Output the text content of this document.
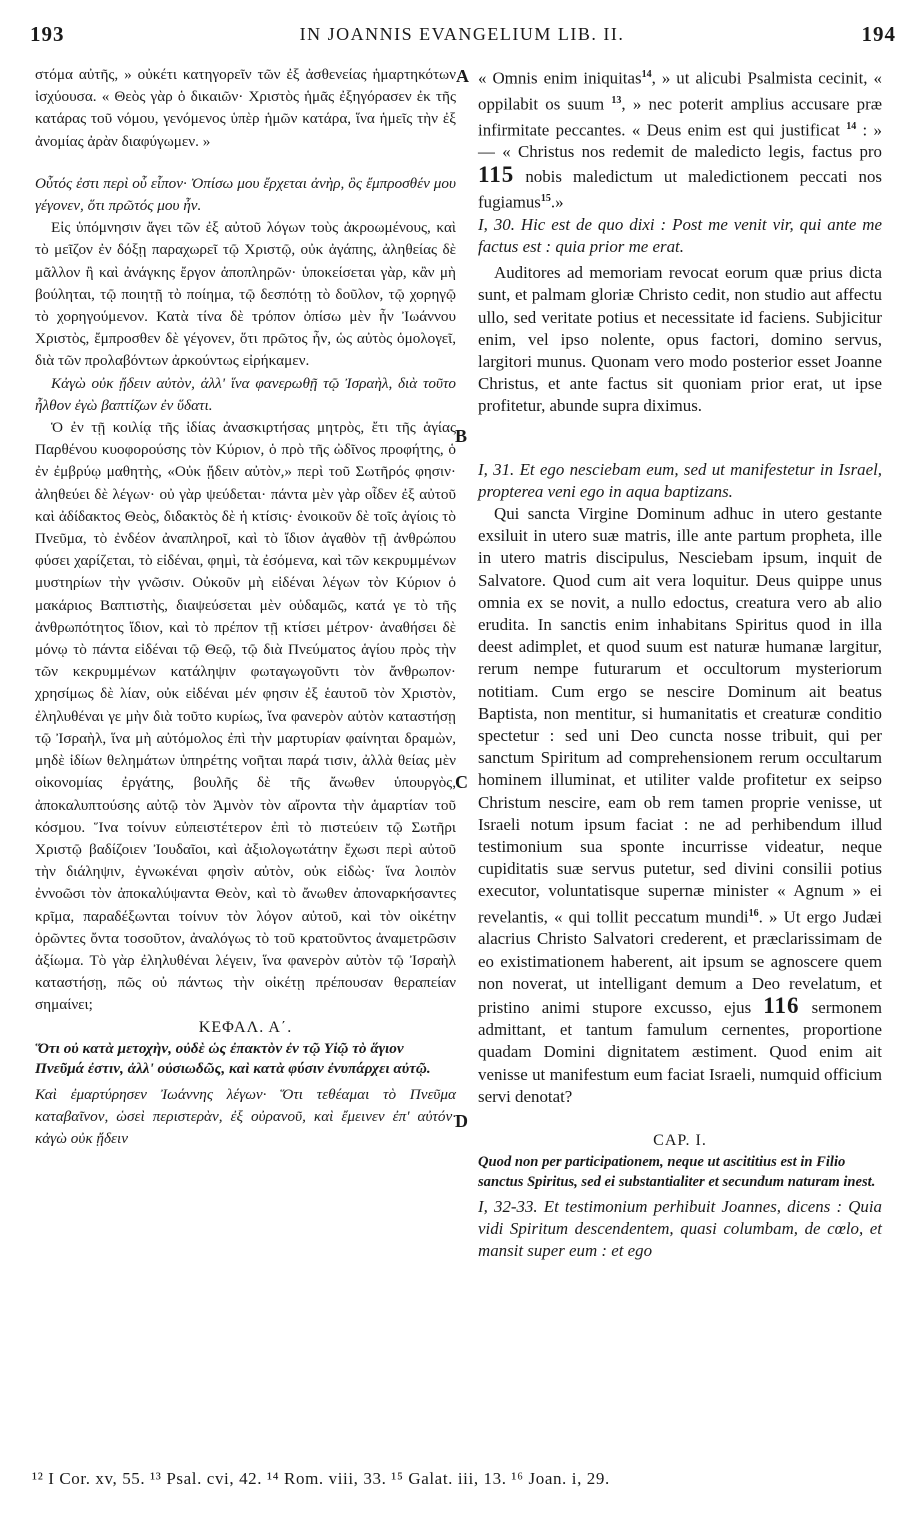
193	IN JOANNIS EVANGELIUM LIB. II.	194
A
B
C
D

στόμα αὐτῆς, » οὐκέτι κατηγορεῖν τῶν ἐξ ἀσθενείας ἡμαρτηκότων ἰσχύουσα. « Θεὸς γὰρ ὁ δικαιῶν· Χριστὸς ἡμᾶς ἐξηγόρασεν ἐκ τῆς κατάρας τοῦ νόμου, γενόμενος ὑπὲρ ἡμῶν κατάρα, ἵνα ἡμεῖς τὴν ἐξ ἀνομίας ἀρὰν διαφύγωμεν. »

Οὗτός ἐστι περὶ οὗ εἶπον· Ὀπίσω μου ἔρχεται ἀνὴρ, ὃς ἔμπροσθέν μου γέγονεν, ὅτι πρῶτός μου ἦν.

Εἰς ὑπόμνησιν ἄγει τῶν ἐξ αὐτοῦ λόγων τοὺς ἀκροωμένους, καὶ τὸ μεῖζον ἐν δόξῃ παραχωρεῖ τῷ Χριστῷ, οὐκ ἀγάπης, ἀληθείας δὲ μᾶλλον ἢ καὶ ἀνάγκης ἔργον ἀποπληρῶν· ὑποκείσεται γὰρ, κἂν μὴ βούληται, τῷ ποιητῇ τὸ ποίημα, τῷ δεσπότῃ τὸ δοῦλον, τῷ χορηγῷ τὸ χορηγούμενον. Κατὰ τίνα δὲ τρόπον ὀπίσω μὲν ἦν Ἰωάννου Χριστὸς, ἔμπροσθεν δὲ γέγονεν, ὅτι πρῶτος ἦν, ὡς αὐτὸς ὁμολογεῖ, διὰ τῶν προλαβόντων ἀρκούντως εἰρήκαμεν.

Κἀγὼ οὐκ ᾔδειν αὐτὸν, ἀλλ' ἵνα φανερωθῇ τῷ Ἰσραὴλ, διὰ τοῦτο ἦλθον ἐγὼ βαπτίζων ἐν ὕδατι.

Ὁ ἐν τῇ κοιλίᾳ τῆς ἰδίας ἀνασκιρτήσας μητρὸς, ἔτι τῆς ἁγίας Παρθένου κυοφορούσης τὸν Κύριον, ὁ πρὸ τῆς ὠδῖνος προφήτης, ὁ ἐν ἐμβρύῳ μαθητὴς, «Οὐκ ᾔδειν αὐτὸν,» περὶ τοῦ Σωτῆρός φησιν· ἀληθεύει δὲ λέγων· οὐ γὰρ ψεύδεται· πάντα μὲν γὰρ οἶδεν ἐξ αὐτοῦ καὶ ἀδίδακτος Θεὸς, διδακτὸς δὲ ἡ κτίσις· ἐνοικοῦν δὲ τοῖς ἁγίοις τὸ Πνεῦμα, τὸ ἐνδέον ἀναπληροῖ, καὶ τὸ ἴδιον ἀγαθὸν τῇ ἀνθρώπου φύσει χαρίζεται, τὸ εἰδέναι, φημὶ, τὰ ἐσόμενα, καὶ τῶν κεκρυμμένων μυστηρίων τὴν γνῶσιν. Οὐκοῦν μὴ εἰδέναι λέγων τὸν Κύριον ὁ μακάριος Βαπτιστὴς, διαψεύσεται μὲν οὐδαμῶς, κατά γε τὸ τῆς ἀνθρωπότητος ἴδιον, καὶ τὸ πρέπον τῇ κτίσει μέτρον· ἀναθήσει δὲ μόνῳ τὸ πάντα εἰδέναι τῷ Θεῷ, τῷ διὰ Πνεύματος ἁγίου πρὸς τὴν τῶν κεκρυμμένων κατάληψιν φωταγωγοῦντι τὸν ἄνθρωπον· χρησίμως δὲ λίαν, οὐκ εἰδέναι μέν φησιν ἐξ ἑαυτοῦ τὸν Χριστὸν, ἐληλυθέναι γε μὴν διὰ τοῦτο κυρίως, ἵνα φανερὸν αὐτὸν καταστήσῃ τῷ Ἰσραὴλ, ἵνα μὴ αὐτόμολος ἐπὶ τὴν μαρτυρίαν φαίνηται δραμὼν, μηδὲ ἰδίων θελημάτων ὑπηρέτης νοῆται παρά τισιν, ἀλλὰ θείας μὲν οἰκονομίας ἐργάτης, βουλῆς δὲ τῆς ἄνωθεν ὑπουργὸς, ἀποκαλυπτούσης αὐτῷ τὸν Ἀμνὸν τὸν αἴροντα τὴν ἁμαρτίαν τοῦ κόσμου. Ἵνα τοίνυν εὐπειστέτερον ἐπὶ τὸ πιστεύειν τῷ Σωτῆρι Χριστῷ βαδίζοιεν Ἰουδαῖοι, καὶ ἀξιολογωτάτην ἔχωσι περὶ αὐτοῦ τὴν διάληψιν, ἐγνωκέναι φησὶν αὐτὸν, οὐκ εἰδὼς· ἵνα λοιπὸν ἐννοῶσι τὸν ἀποκαλύψαντα Θεὸν, καὶ τὸ ἄνωθεν ἀποναρκήσαντες κρῖμα, παραδέξωνται τοίνυν τὸν λόγον αὐτοῦ, καὶ τὸν οἰκέτην ὁρῶντες ὄντα τοσοῦτον, ἀναλόγως τὸ τοῦ κρατοῦντος ἀναμετρῶσιν ἀξίωμα. Τὸ γὰρ ἐληλυθέναι λέγειν, ἵνα φανερὸν αὐτὸν τῷ Ἰσραὴλ καταστήσῃ, πῶς οὐ πάντως τὴν οἰκέτῃ πρέπουσαν θεραπείαν σημαίνει;

ΚΕΦΑΛ. Α΄.

Ὅτι οὐ κατὰ μετοχὴν, οὐδὲ ὡς ἐπακτὸν ἐν τῷ Υἱῷ τὸ ἅγιον Πνεῦμά ἐστιν, ἀλλ' οὐσιωδῶς, καὶ κατὰ φύσιν ἐνυπάρχει αὐτῷ.

Καὶ ἐμαρτύρησεν Ἰωάννης λέγων· Ὅτι τεθέαμαι τὸ Πνεῦμα καταβαῖνον, ὡσεὶ περιστερὰν, ἐξ οὐρανοῦ, καὶ ἔμεινεν ἐπ' αὐτόν· κἀγὼ οὐκ ᾔδειν

« Omnis enim iniquitas$^{14}$, » ut alicubi Psalmista cecinit, « oppilabit os suum $^{13}$, » nec poterit amplius accusare præ infirmitate peccantes. « Deus enim est qui justificat $^{14}$ : » — « Christus nos redemit de maledicto legis, factus pro 115 nobis maledictum ut maledictionem peccati nos fugiamus$^{15}$.»

I, 30. Hic est de quo dixi : Post me venit vir, qui ante me factus est : quia prior me erat.

Auditores ad memoriam revocat eorum quæ prius dicta sunt, et palmam gloriæ Christo cedit, non studio aut affectu ullo, sed veritate potius et necessitate id faciens. Subjicitur enim, vel ipso nolente, opus factori, domino servus, largitori munus. Quonam vero modo posterior esset Joanne Christus, et ante factus sit quoniam prior erat, ut ipse profitetur, abunde supra diximus.

I, 31. Et ego nesciebam eum, sed ut manifestetur in Israel, propterea veni ego in aqua baptizans.

Qui sancta Virgine Dominum adhuc in utero gestante exsiluit in utero suæ matris, ille ante partum propheta, ille in utero matris discipulus, Nesciebam ipsum, inquit de Salvatore. Quod cum ait vera loquitur. Deus quippe unus omnia ex se novit, a nullo edoctus, creatura vero ab alio erudita. In sanctis enim inhabitans Spiritus quod in illa deest adimplet, et quod suum est naturæ humanæ largitur, rerum nempe futurarum et occultorum mysteriorum notitiam. Cum ergo se nescire Dominum ait beatus Baptista, non mentitur, si humanitatis et creaturæ conditio spectetur : sed uni Deo cuncta nosse tribuit, qui per sanctum Spiritum ad comprehensionem rerum occultarum hominem illuminat, et utiliter valde profitetur ex seipso Christum nescire, eam ob rem tamen proprie venisse, ut Israeli notum ipsum faciat : ne ad perhibendum illud testimonium sua sponte incurrisse videatur, neque cupiditatis suæ servus putetur, sed divini consilii potius executor, voluntatisque supernæ minister « Agnum » ei revelantis, « qui tollit peccatum mundi$^{16}$. » Ut ergo Judæi alacrius Christo Salvatori crederent, et præclarissimam de eo existimationem haberent, ait ipsum se agnoscere quem non noverat, ut intelligant demum a Deo revelatum, et pristino animi stupore excusso, ejus 116 sermonem admittant, et tantum famulum cernentes, proportione quadam Domini dignitatem æstiment. Quod enim ait venisse ut manifestum eum faciat Israeli, numquid officium servi denotat?

CAP. I.

Quod non per participationem, neque ut ascititius est in Filio sanctus Spiritus, sed ei substantialiter et secundum naturam inest.

I, 32-33. Et testimonium perhibuit Joannes, dicens : Quia vidi Spiritum descendentem, quasi columbam, de cœlo, et mansit super eum : et ego

¹² I Cor. xv, 55. ¹³ Psal. cvi, 42. ¹⁴ Rom. viii, 33. ¹⁵ Galat. iii, 13. ¹⁶ Joan. i, 29.
